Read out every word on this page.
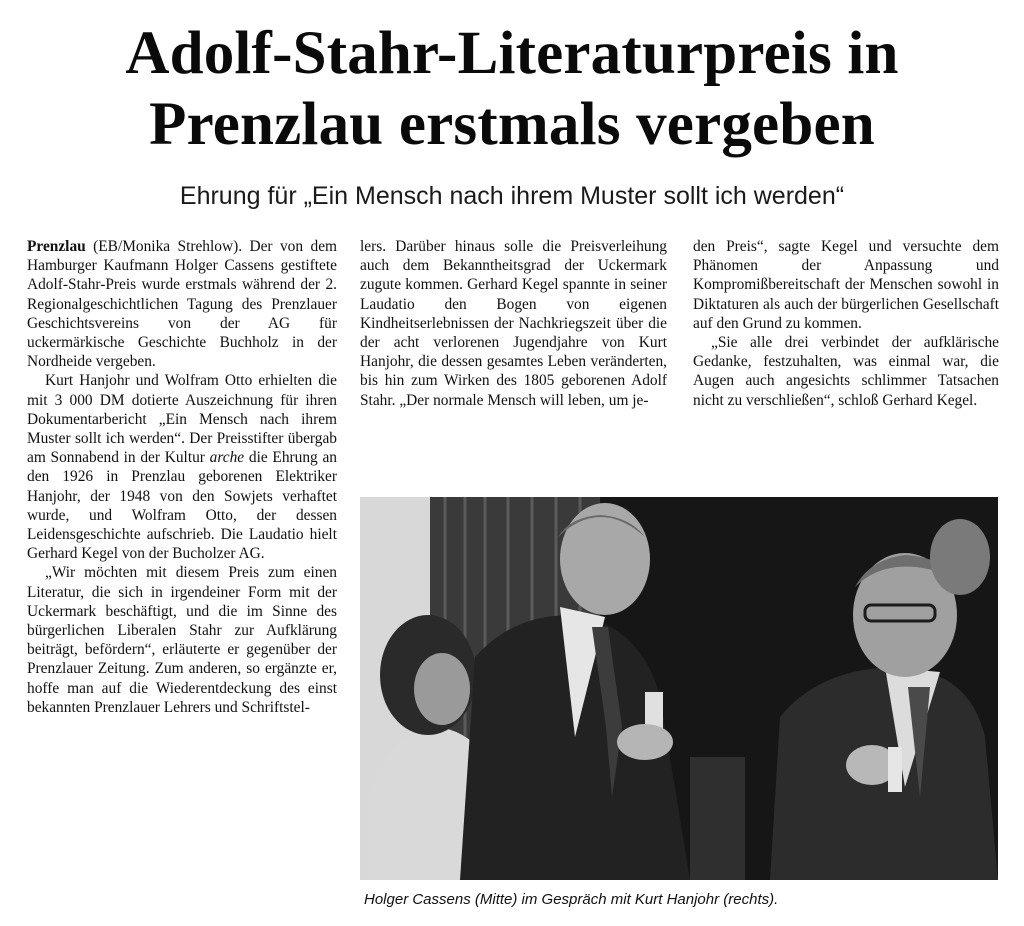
Adolf-Stahr-Literaturpreis in
Prenzlau erstmals vergeben
Ehrung für „Ein Mensch nach ihrem Muster sollt ich werden“

Prenzlau (EB/Monika Strehlow). Der von dem Hamburger Kaufmann Holger Cassens gestiftete Adolf-Stahr-Preis wurde erstmals während der 2. Regionalgeschichtlichen Tagung des Prenzlauer Geschichtsvereins von der AG für uckermärkische Geschichte Buchholz in der Nordheide vergeben.

Kurt Hanjohr und Wolfram Otto erhielten die mit 3 000 DM dotierte Auszeichnung für ihren Dokumentarbericht „Ein Mensch nach ihrem Muster sollt ich werden“. Der Preisstifter übergab am Sonnabend in der Kultur arche die Ehrung an den 1926 in Prenzlau geborenen Elektriker Hanjohr, der 1948 von den Sowjets verhaftet wurde, und Wolfram Otto, der dessen Leidensgeschichte aufschrieb. Die Laudatio hielt Gerhard Kegel von der Bucholzer AG.

„Wir möchten mit diesem Preis zum einen Literatur, die sich in irgendeiner Form mit der Uckermark beschäftigt, und die im Sinne des bürgerlichen Liberalen Stahr zur Aufklärung beiträgt, befördern“, erläuterte er gegenüber der Prenzlauer Zeitung. Zum anderen, so ergänzte er, hoffe man auf die Wiederentdeckung des einst bekannten Prenzlauer Lehrers und Schriftstel-

lers. Darüber hinaus solle die Preisverleihung auch dem Bekanntheitsgrad der Uckermark zugute kommen. Gerhard Kegel spannte in seiner Laudatio den Bogen von eigenen Kindheitserlebnissen der Nachkriegszeit über die der acht verlorenen Jugendjahre von Kurt Hanjohr, die dessen gesamtes Leben veränderten, bis hin zum Wirken des 1805 geborenen Adolf Stahr. „Der normale Mensch will leben, um je-

den Preis“, sagte Kegel und versuchte dem Phänomen der Anpassung und Kompromißbereitschaft der Menschen sowohl in Diktaturen als auch der bürgerlichen Gesellschaft auf den Grund zu kommen.

„Sie alle drei verbindet der aufklärische Gedanke, festzuhalten, was einmal war, die Augen auch angesichts schlimmer Tatsachen nicht zu verschließen“, schloß Gerhard Kegel.

Holger Cassens (Mitte) im Gespräch mit Kurt Hanjohr (rechts).
